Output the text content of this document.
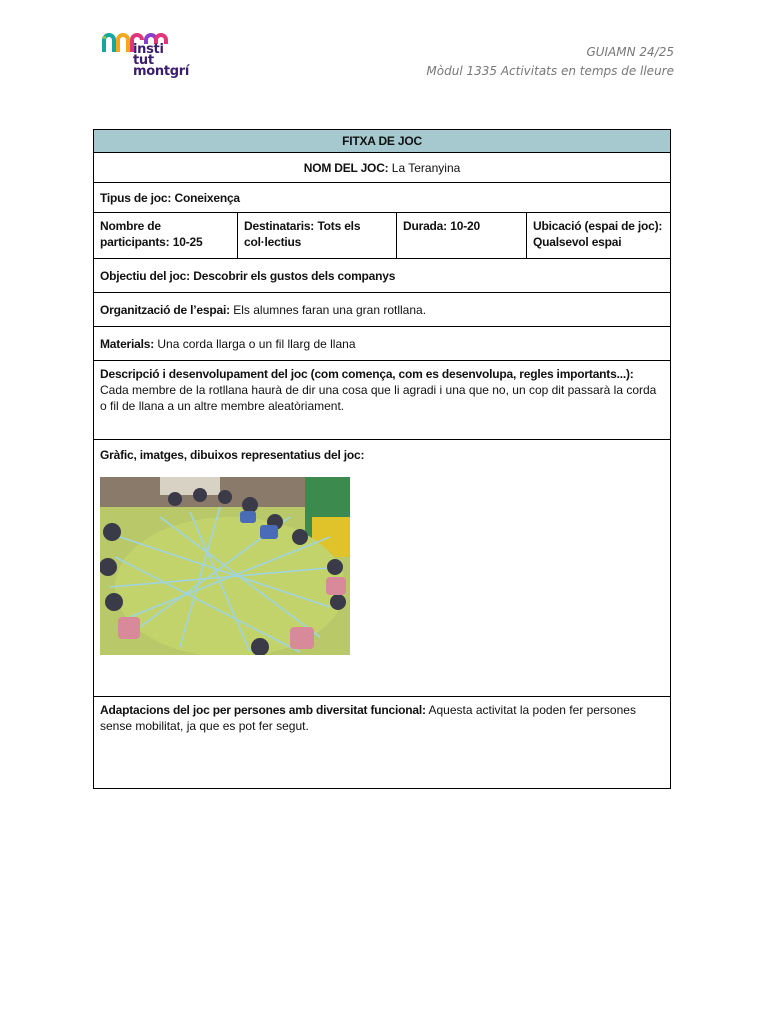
insti
tut
montgrí
GUIAMN 24/25
Mòdul 1335 Activitats en temps de lleure
FITXA DE JOC
NOM DEL JOC: La Teranyina
Tipus de joc: Coneixença
Nombre de participants: 10-25	Destinataris: Tots els col·lectius	Durada: 10-20	Ubicació (espai de joc): Qualsevol espai
Objectiu del joc: Descobrir els gustos dels companys
Organització de l’espai: Els alumnes faran una gran rotllana.
Materials: Una corda llarga o un fil llarg de llana

Descripció i desenvolupament del joc (com comença, com es desenvolupa, regles importants...):
Cada membre de la rotllana haurà de dir una cosa que li agradi i una que no, un cop dit passarà la corda o fil de llana a un altre membre aleatòriament.

Gràfic, imatges, dibuixos representatius del joc:

Adaptacions del joc per persones amb diversitat funcional: Aquesta activitat la poden fer persones sense mobilitat, ja que es pot fer segut.
